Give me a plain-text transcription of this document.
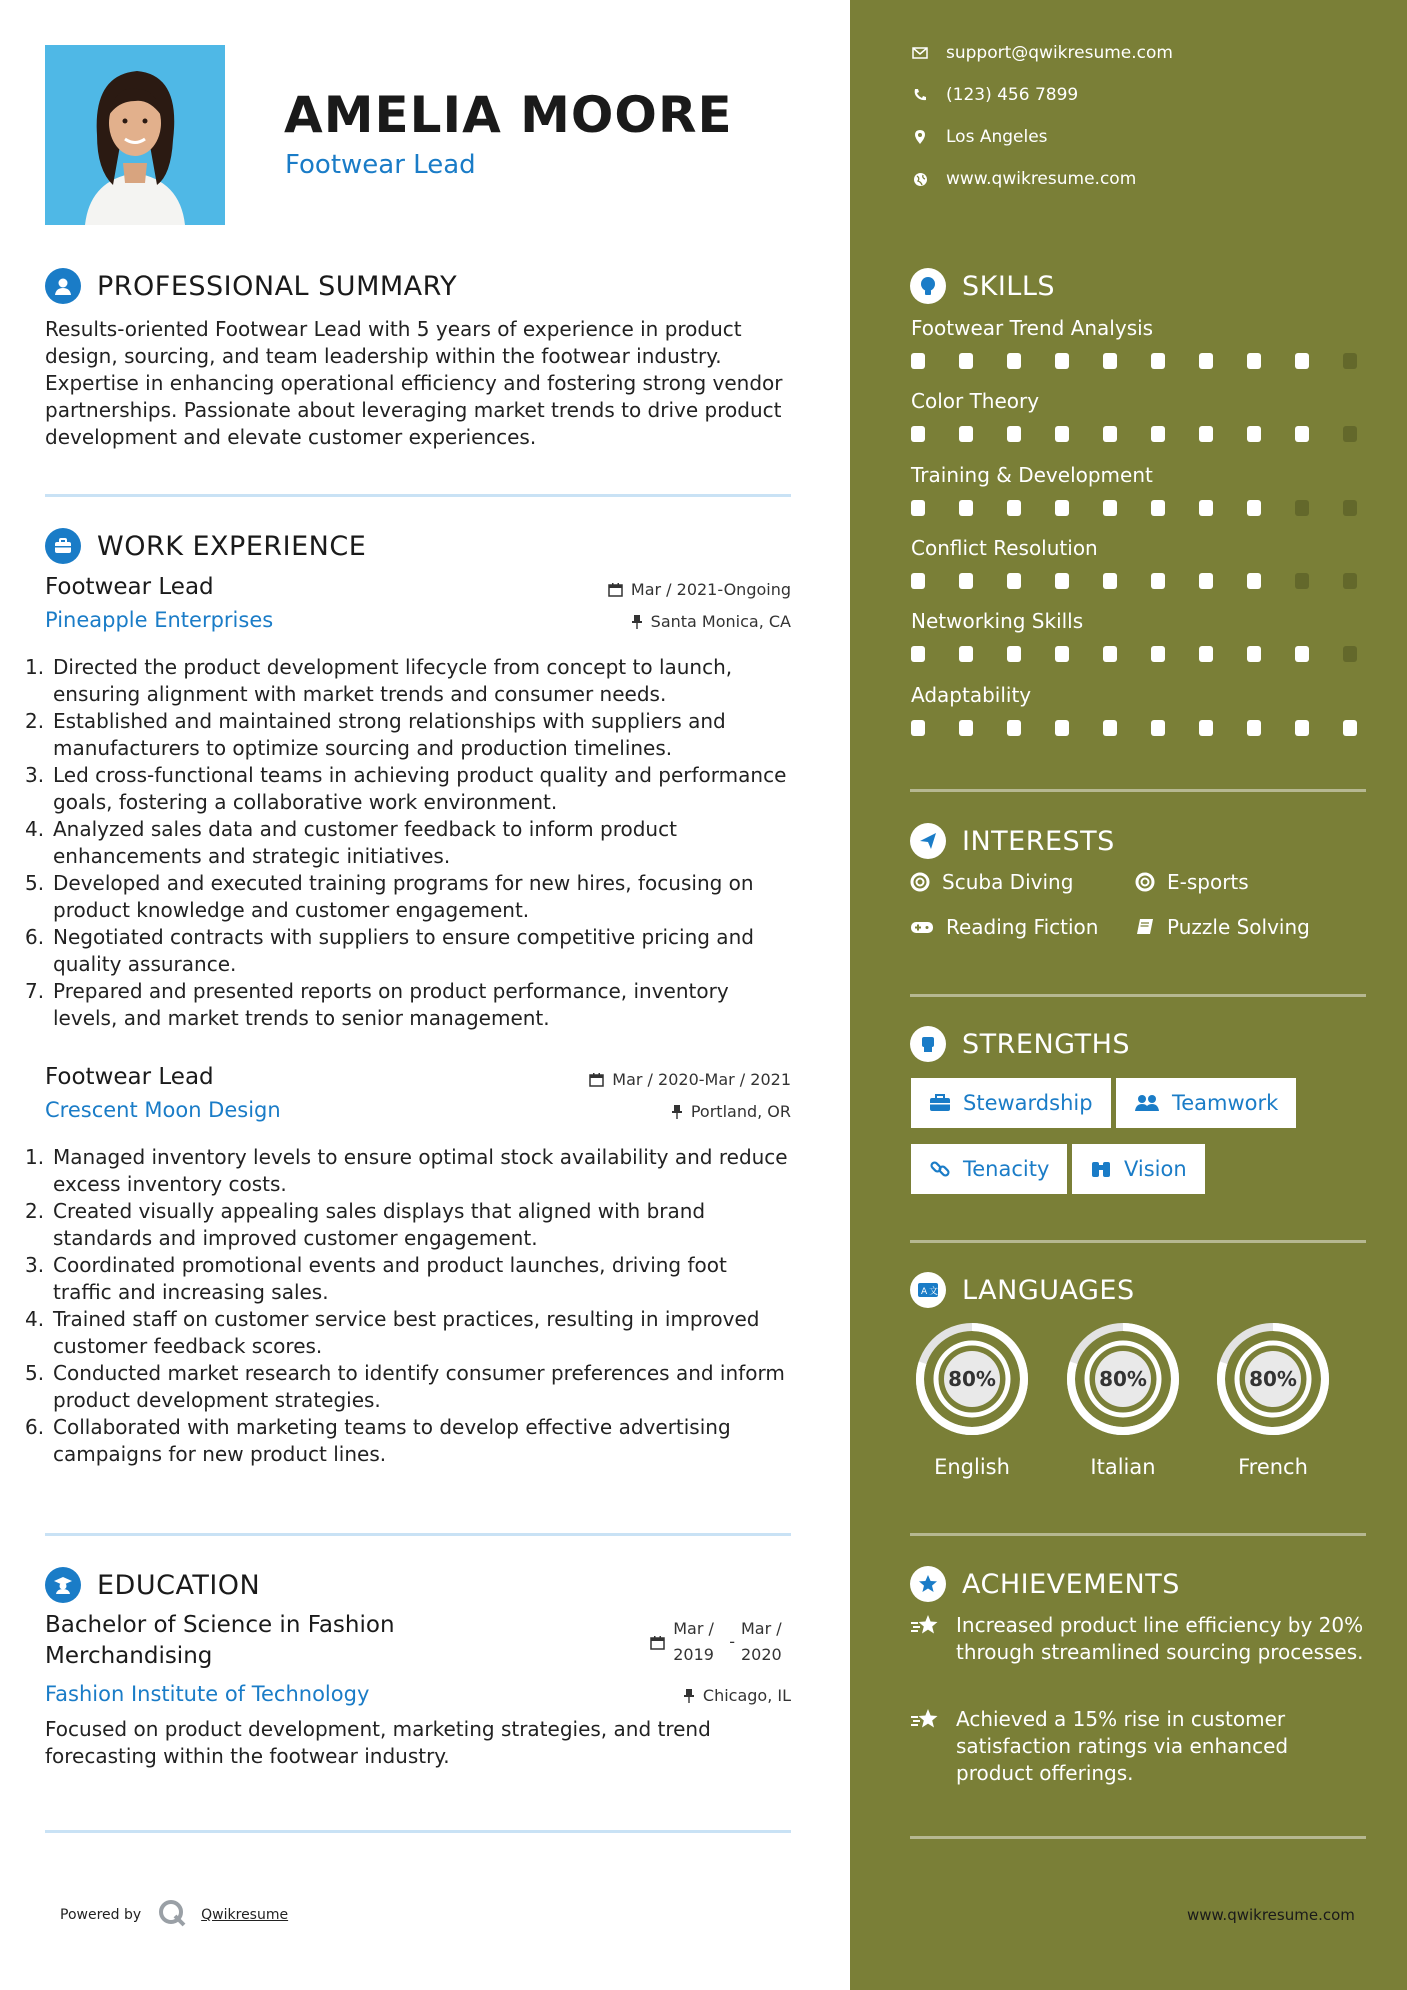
AMELIA MOORE
Footwear Lead
PROFESSIONAL SUMMARY
Results-oriented Footwear Lead with 5 years of experience in product design, sourcing, and team leadership within the footwear industry. Expertise in enhancing operational efficiency and fostering strong vendor partnerships. Passionate about leveraging market trends to drive product development and elevate customer experiences.
WORK EXPERIENCE
Footwear Lead	Mar / 2021-Ongoing
Pineapple Enterprises	Santa Monica, CA
1. Directed the product development lifecycle from concept to launch, ensuring alignment with market trends and consumer needs.
2. Established and maintained strong relationships with suppliers and manufacturers to optimize sourcing and production timelines.
3. Led cross-functional teams in achieving product quality and performance goals, fostering a collaborative work environment.
4. Analyzed sales data and customer feedback to inform product enhancements and strategic initiatives.
5. Developed and executed training programs for new hires, focusing on product knowledge and customer engagement.
6. Negotiated contracts with suppliers to ensure competitive pricing and quality assurance.
7. Prepared and presented reports on product performance, inventory levels, and market trends to senior management.
Footwear Lead	Mar / 2020-Mar / 2021
Crescent Moon Design	Portland, OR
1. Managed inventory levels to ensure optimal stock availability and reduce excess inventory costs.
2. Created visually appealing sales displays that aligned with brand standards and improved customer engagement.
3. Coordinated promotional events and product launches, driving foot traffic and increasing sales.
4. Trained staff on customer service best practices, resulting in improved customer feedback scores.
5. Conducted market research to identify consumer preferences and inform product development strategies.
6. Collaborated with marketing teams to develop effective advertising campaigns for new product lines.
EDUCATION
Bachelor of Science in Fashion Merchandising
Mar /
2019
-
Mar /
2020
Fashion Institute of Technology	Chicago, IL
Focused on product development, marketing strategies, and trend forecasting within the footwear industry.
Powered by	Qwikresume
support@qwikresume.com
(123) 456 7899
Los Angeles
www.qwikresume.com
SKILLS
Footwear Trend Analysis
Color Theory
Training & Development
Conflict Resolution
Networking Skills
Adaptability
INTERESTS
Scuba Diving	E-sports
Reading Fiction	Puzzle Solving
STRENGTHS
Stewardship	Teamwork
Tenacity	Vision
A 文 LANGUAGES
80%
English
80%
Italian
80%
French
ACHIEVEMENTS
Increased product line efficiency by 20% through streamlined sourcing processes.
Achieved a 15% rise in customer satisfaction ratings via enhanced product offerings.
www.qwikresume.com
